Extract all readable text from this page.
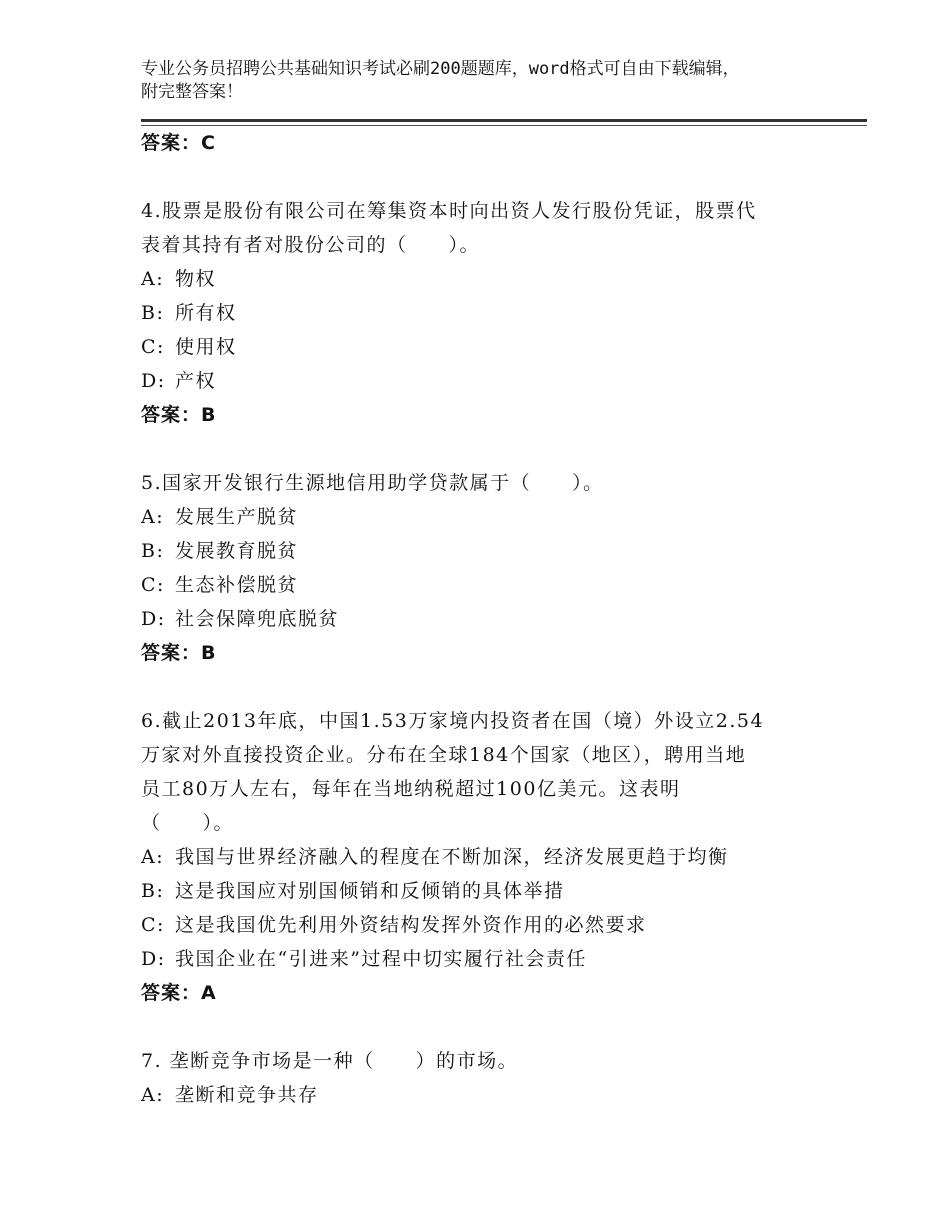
专业公务员招聘公共基础知识考试必刷200题题库，word格式可自由下载编辑，
附完整答案！
答案：C
4.股票是股份有限公司在筹集资本时向出资人发行股份凭证，股票代
表着其持有者对股份公司的（　　）。
A: 物权
B: 所有权
C: 使用权
D: 产权
答案：B
5.国家开发银行生源地信用助学贷款属于（　　）。
A: 发展生产脱贫
B: 发展教育脱贫
C: 生态补偿脱贫
D: 社会保障兜底脱贫
答案：B
6.截止2013年底，中国1.53万家境内投资者在国（境）外设立2.54
万家对外直接投资企业。分布在全球184个国家（地区），聘用当地
员工80万人左右，每年在当地纳税超过100亿美元。这表明
（　　）。
A: 我国与世界经济融入的程度在不断加深，经济发展更趋于均衡
B: 这是我国应对别国倾销和反倾销的具体举措
C: 这是我国优先利用外资结构发挥外资作用的必然要求
D: 我国企业在“引进来”过程中切实履行社会责任
答案：A
7. 垄断竞争市场是一种（　　）的市场。
A: 垄断和竞争共存
